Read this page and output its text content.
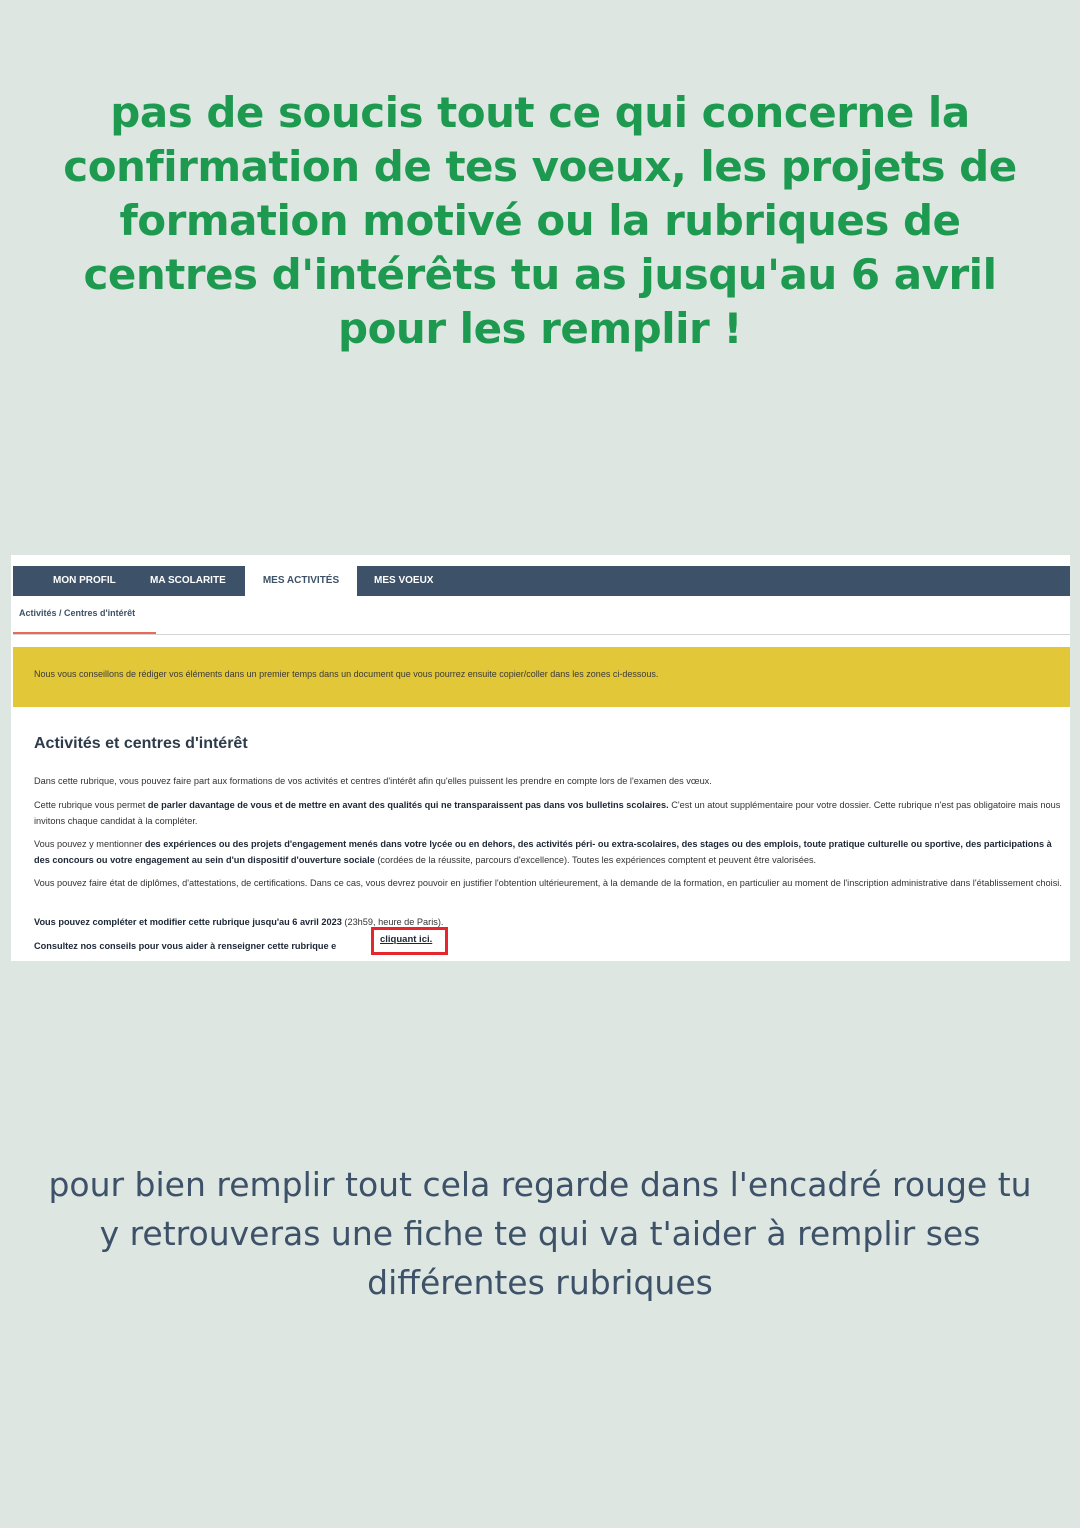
pas de soucis tout ce qui concerne la confirmation de tes voeux, les projets de formation motivé ou la rubriques de centres d'intérêts tu as jusqu'au 6 avril pour les remplir !
MON PROFIL	MA SCOLARITE	MES ACTIVITÉS	MES VOEUX
Activités / Centres d'intérêt
Nous vous conseillons de rédiger vos éléments dans un premier temps dans un document que vous pourrez ensuite copier/coller dans les zones ci-dessous.
Activités et centres d'intérêt
Dans cette rubrique, vous pouvez faire part aux formations de vos activités et centres d'intérêt afin qu'elles puissent les prendre en compte lors de l'examen des vœux.
Cette rubrique vous permet de parler davantage de vous et de mettre en avant des qualités qui ne transparaissent pas dans vos bulletins scolaires. C'est un atout supplémentaire pour votre dossier. Cette rubrique n'est pas obligatoire mais nous invitons chaque candidat à la compléter.
Vous pouvez y mentionner des expériences ou des projets d'engagement menés dans votre lycée ou en dehors, des activités péri- ou extra-scolaires, des stages ou des emplois, toute pratique culturelle ou sportive, des participations à des concours ou votre engagement au sein d'un dispositif d'ouverture sociale (cordées de la réussite, parcours d'excellence). Toutes les expériences comptent et peuvent être valorisées.
Vous pouvez faire état de diplômes, d'attestations, de certifications. Dans ce cas, vous devrez pouvoir en justifier l'obtention ultérieurement, à la demande de la formation, en particulier au moment de l'inscription administrative dans l'établissement choisi.
Vous pouvez compléter et modifier cette rubrique jusqu'au 6 avril 2023 (23h59, heure de Paris).
Consultez nos conseils pour vous aider à renseigner cette rubrique e
cliquant ici.
pour bien remplir tout cela regarde dans l'encadré rouge tu y retrouveras une fiche te qui va t'aider à remplir ses différentes rubriques
